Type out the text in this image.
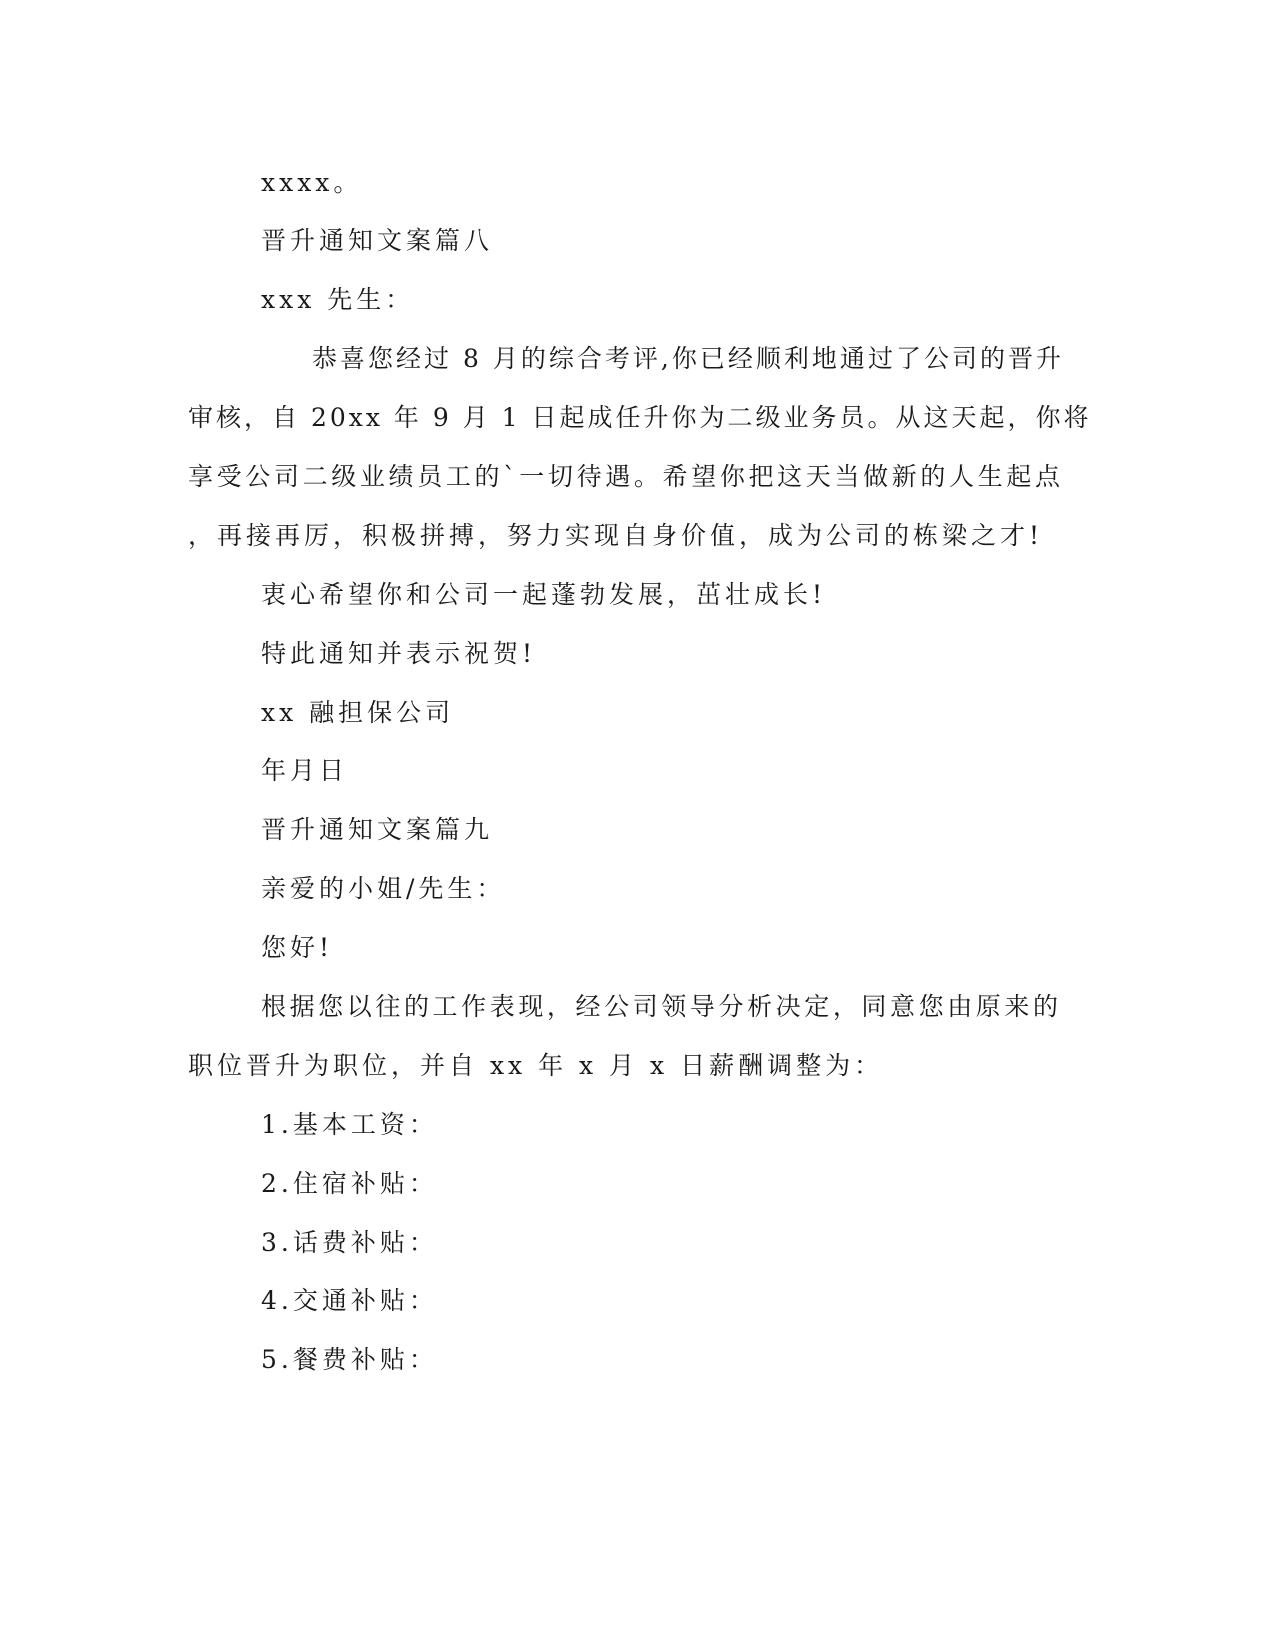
xxxx。
晋升通知文案篇八
xxx 先生：
恭喜您经过 8 月的综合考评,你已经顺利地通过了公司的晋升
审核，自 20xx 年 9 月 1 日起成任升你为二级业务员。从这天起，你将
享受公司二级业绩员工的`一切待遇。希望你把这天当做新的人生起点
，再接再厉，积极拼搏，努力实现自身价值，成为公司的栋梁之才!
衷心希望你和公司一起蓬勃发展，茁壮成长!
特此通知并表示祝贺!
xx 融担保公司
年月日
晋升通知文案篇九
亲爱的小姐/先生：
您好!
根据您以往的工作表现，经公司领导分析决定，同意您由原来的
职位晋升为职位，并自 xx 年 x 月 x 日薪酬调整为：
1.基本工资：
2.住宿补贴：
3.话费补贴：
4.交通补贴：
5.餐费补贴：
